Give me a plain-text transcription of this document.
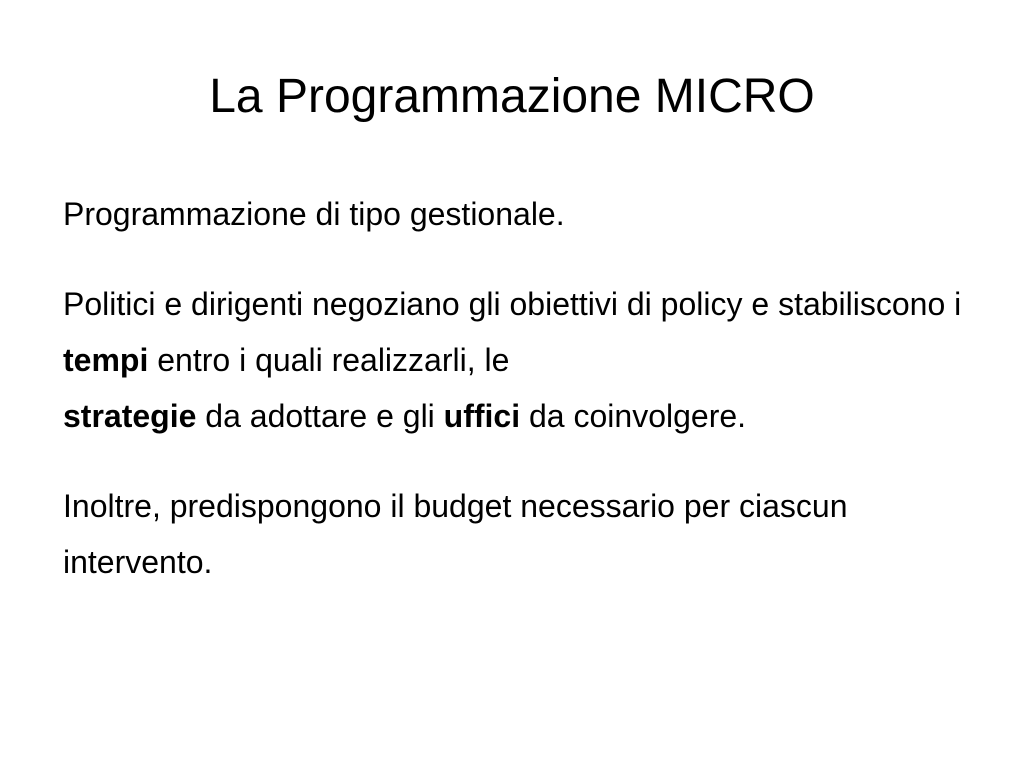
La Programmazione MICRO

Programmazione di tipo gestionale.

Politici e dirigenti negoziano gli obiettivi di policy e stabiliscono i tempi entro i quali realizzarli, le
strategie da adottare e gli uffici da coinvolgere.

Inoltre, predispongono il budget necessario per ciascun intervento.
